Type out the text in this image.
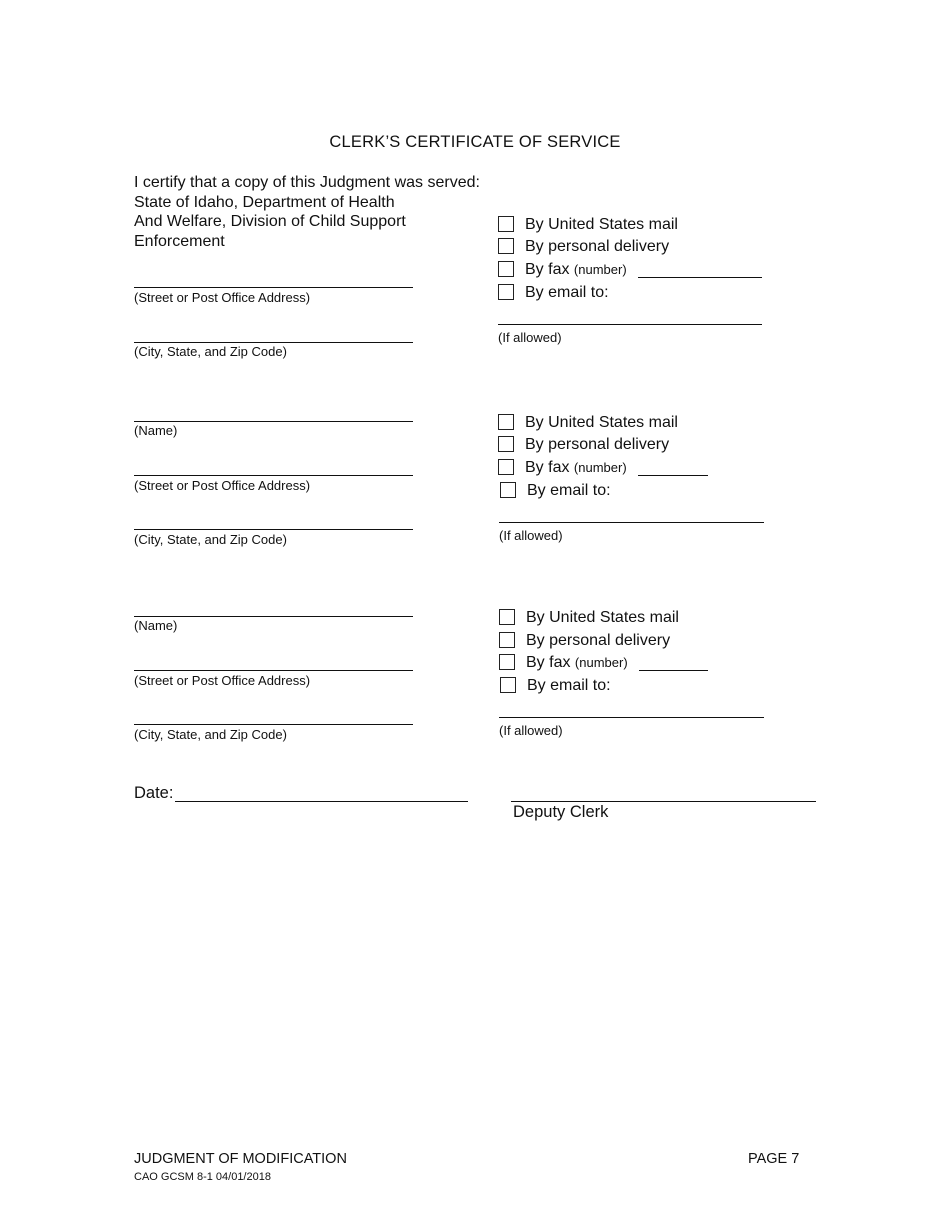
CLERK’S CERTIFICATE OF SERVICE
I certify that a copy of this Judgment was served:
State of Idaho, Department of Health
And Welfare, Division of Child Support
Enforcement
(Street or Post Office Address)
(City, State, and Zip Code)
By United States mail
By personal delivery
By fax (number)
By email to:
(If allowed)
(Name)
(Street or Post Office Address)
(City, State, and Zip Code)
By United States mail
By personal delivery
By fax (number)
By email to:
(If allowed)
(Name)
(Street or Post Office Address)
(City, State, and Zip Code)
By United States mail
By personal delivery
By fax (number)
By email to:
(If allowed)
Date:
Deputy Clerk
JUDGMENT OF MODIFICATION
CAO GCSM 8-1 04/01/2018
PAGE 7
